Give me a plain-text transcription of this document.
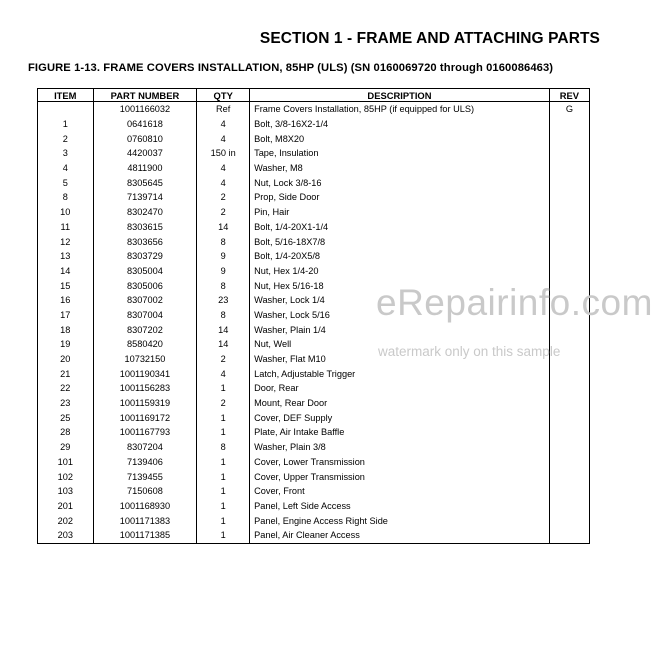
SECTION 1 - FRAME AND ATTACHING PARTS
FIGURE 1-13. FRAME COVERS INSTALLATION, 85HP (ULS) (SN 0160069720 through 0160086463)
ITEM	PART NUMBER	QTY	DESCRIPTION	REV
	1001166032	Ref	Frame Covers Installation, 85HP (if equipped for ULS)	G
1	0641618	4	Bolt, 3/8-16X2-1/4	
2	0760810	4	Bolt, M8X20	
3	4420037	150 in	Tape, Insulation	
4	4811900	4	Washer, M8	
5	8305645	4	Nut, Lock 3/8-16	
8	7139714	2	Prop, Side Door	
10	8302470	2	Pin, Hair	
11	8303615	14	Bolt, 1/4-20X1-1/4	
12	8303656	8	Bolt, 5/16-18X7/8	
13	8303729	9	Bolt, 1/4-20X5/8	
14	8305004	9	Nut, Hex 1/4-20	
15	8305006	8	Nut, Hex 5/16-18	
16	8307002	23	Washer, Lock 1/4	
17	8307004	8	Washer, Lock 5/16	
18	8307202	14	Washer, Plain 1/4	
19	8580420	14	Nut, Well	
20	10732150	2	Washer, Flat M10	
21	1001190341	4	Latch, Adjustable Trigger	
22	1001156283	1	Door, Rear	
23	1001159319	2	Mount, Rear Door	
25	1001169172	1	Cover, DEF Supply	
28	1001167793	1	Plate, Air Intake Baffle	
29	8307204	8	Washer, Plain 3/8	
101	7139406	1	Cover, Lower Transmission	
102	7139455	1	Cover, Upper Transmission	
103	7150608	1	Cover, Front	
201	1001168930	1	Panel, Left Side Access	
202	1001171383	1	Panel, Engine Access Right Side	
203	1001171385	1	Panel, Air Cleaner Access	
eRepairinfo.com
watermark only on this sample
